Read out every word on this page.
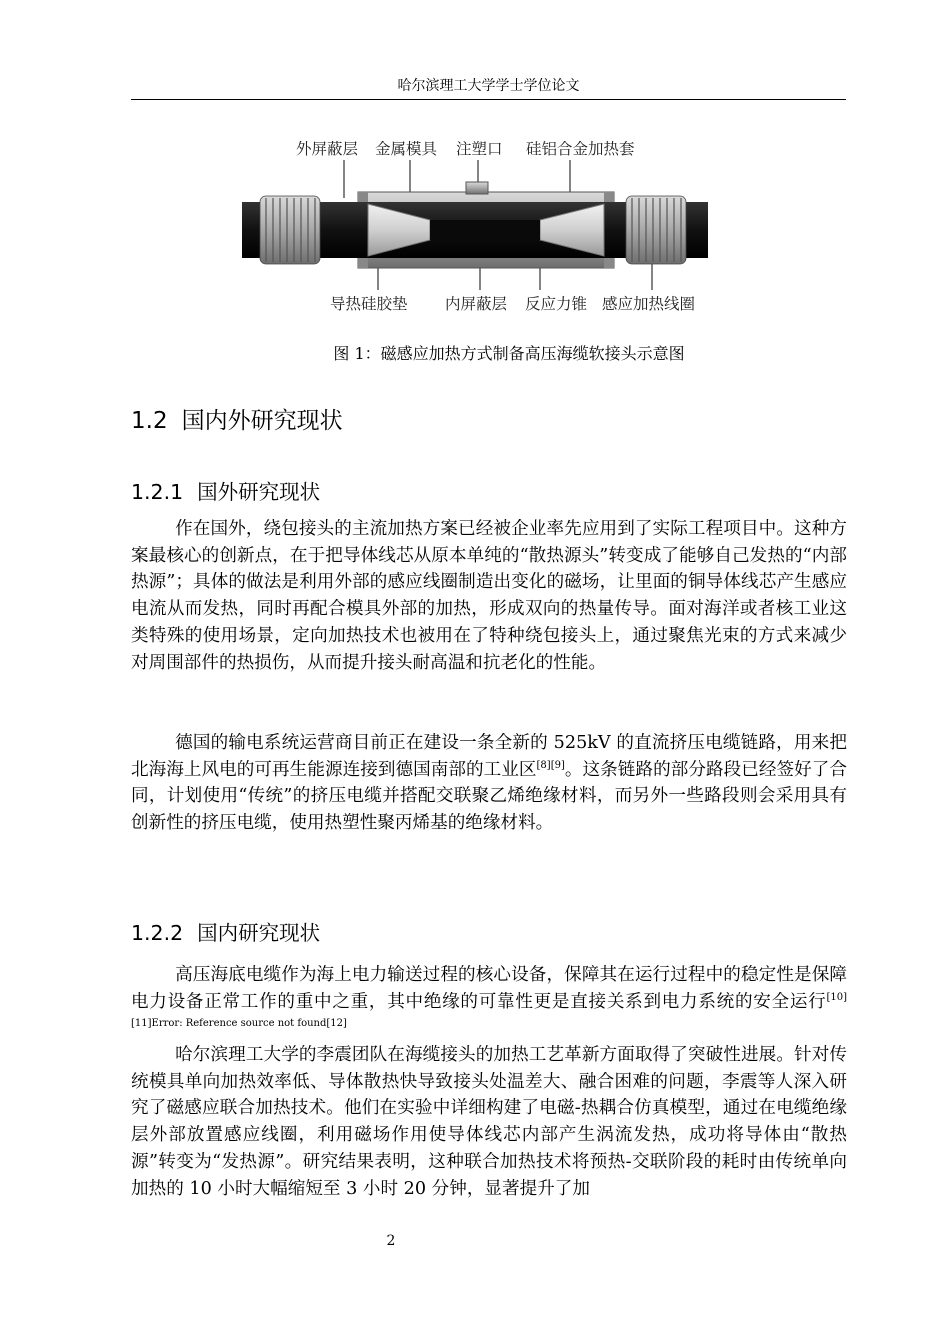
哈尔滨理工大学学士学位论文
外屏蔽层 金属模具 注塑口 硅铝合金加热套
导热硅胶垫 内屏蔽层 反应力锥 感应加热线圈
图 1：磁感应加热方式制备高压海缆软接头示意图
1.2 国内外研究现状
1.2.1 国外研究现状

作在国外，绕包接头的主流加热方案已经被企业率先应用到了实际工程项目中。这种方案最核心的创新点，在于把导体线芯从原本单纯的“散热源头”转变成了能够自己发热的“内部热源”；具体的做法是利用外部的感应线圈制造出变化的磁场，让里面的铜导体线芯产生感应电流从而发热，同时再配合模具外部的加热，形成双向的热量传导。面对海洋或者核工业这类特殊的使用场景，定向加热技术也被用在了特种绕包接头上，通过聚焦光束的方式来减少对周围部件的热损伤，从而提升接头耐高温和抗老化的性能。

德国的输电系统运营商目前正在建设一条全新的 525kV 的直流挤压电缆链路，用来把北海海上风电的可再生能源连接到德国南部的工业区[8][9]。这条链路的部分路段已经签好了合同，计划使用“传统”的挤压电缆并搭配交联聚乙烯绝缘材料，而另外一些路段则会采用具有创新性的挤压电缆，使用热塑性聚丙烯基的绝缘材料。

1.2.2 国内研究现状

高压海底电缆作为海上电力输送过程的核心设备，保障其在运行过程中的稳定性是保障电力设备正常工作的重中之重，其中绝缘的可靠性更是直接关系到电力系统的安全运行[10] [11]Error: Reference source not found[12]

哈尔滨理工大学的李震团队在海缆接头的加热工艺革新方面取得了突破性进展。针对传统模具单向加热效率低、导体散热快导致接头处温差大、融合困难的问题，李震等人深入研究了磁感应联合加热技术。他们在实验中详细构建了电磁-热耦合仿真模型，通过在电缆绝缘层外部放置感应线圈，利用磁场作用使导体线芯内部产生涡流发热，成功将导体由“散热源”转变为“发热源”。研究结果表明，这种联合加热技术将预热-交联阶段的耗时由传统单向加热的 10 小时大幅缩短至 3 小时 20 分钟，显著提升了加

2
